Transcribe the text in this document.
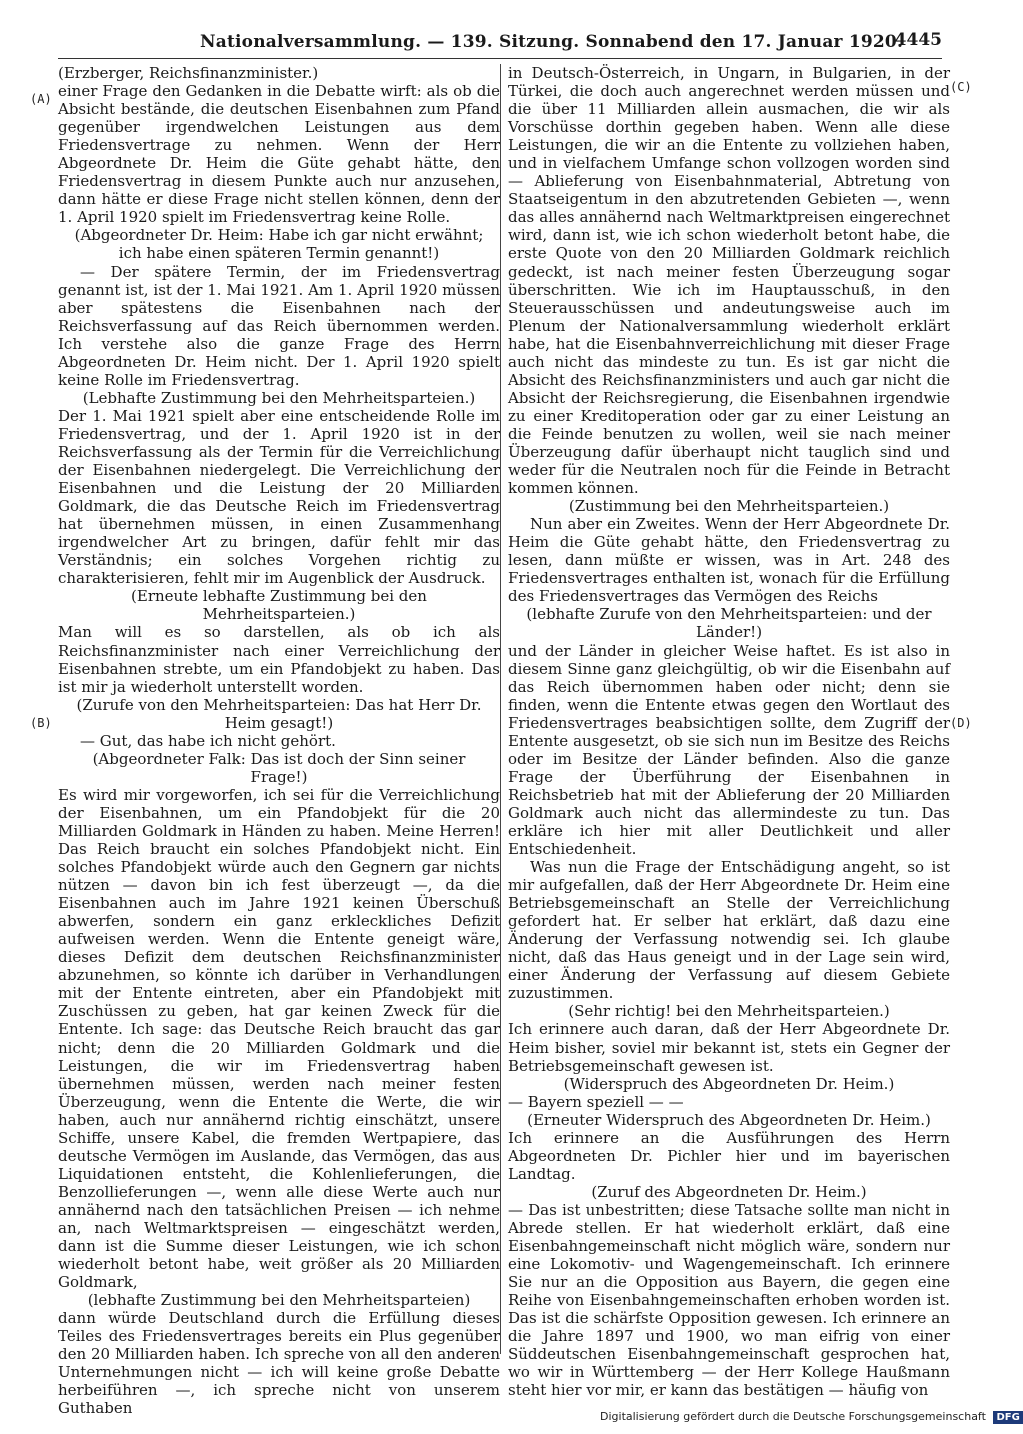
Nationalversammlung. — 139. Sitzung. Sonnabend den 17. Januar 1920.
4445
(A)
(B)
(C)
(D)

(Erzberger, Reichsfinanzminister.)

einer Frage den Gedanken in die Debatte wirft: als ob die Absicht bestände, die deutschen Eisenbahnen zum Pfand gegenüber irgendwelchen Leistungen aus dem Friedensvertrage zu nehmen. Wenn der Herr Abgeordnete Dr. Heim die Güte gehabt hätte, den Friedensvertrag in diesem Punkte auch nur anzusehen, dann hätte er diese Frage nicht stellen können, denn der 1. April 1920 spielt im Friedensvertrag keine Rolle.

(Abgeordneter Dr. Heim: Habe ich gar nicht erwähnt; ich habe einen späteren Termin genannt!)

— Der spätere Termin, der im Friedensvertrag genannt ist, ist der 1. Mai 1921. Am 1. April 1920 müssen aber spätestens die Eisenbahnen nach der Reichsverfassung auf das Reich übernommen werden. Ich verstehe also die ganze Frage des Herrn Abgeordneten Dr. Heim nicht. Der 1. April 1920 spielt keine Rolle im Friedensvertrag.

(Lebhafte Zustimmung bei den Mehrheitsparteien.)

Der 1. Mai 1921 spielt aber eine entscheidende Rolle im Friedensvertrag, und der 1. April 1920 ist in der Reichsverfassung als der Termin für die Verreichlichung der Eisenbahnen niedergelegt. Die Verreichlichung der Eisenbahnen und die Leistung der 20 Milliarden Goldmark, die das Deutsche Reich im Friedensvertrag hat übernehmen müssen, in einen Zusammenhang irgendwelcher Art zu bringen, dafür fehlt mir das Verständnis; ein solches Vorgehen richtig zu charakterisieren, fehlt mir im Augenblick der Ausdruck.

(Erneute lebhafte Zustimmung bei den Mehrheitsparteien.)

Man will es so darstellen, als ob ich als Reichsfinanzminister nach einer Verreichlichung der Eisenbahnen strebte, um ein Pfandobjekt zu haben. Das ist mir ja wiederholt unterstellt worden.

(Zurufe von den Mehrheitsparteien: Das hat Herr Dr. Heim gesagt!)

— Gut, das habe ich nicht gehört.

(Abgeordneter Falk: Das ist doch der Sinn seiner Frage!)

Es wird mir vorgeworfen, ich sei für die Verreichlichung der Eisenbahnen, um ein Pfandobjekt für die 20 Milliarden Goldmark in Händen zu haben. Meine Herren! Das Reich braucht ein solches Pfandobjekt nicht. Ein solches Pfandobjekt würde auch den Gegnern gar nichts nützen — davon bin ich fest überzeugt —, da die Eisenbahnen auch im Jahre 1921 keinen Überschuß abwerfen, sondern ein ganz erkleckliches Defizit aufweisen werden. Wenn die Entente geneigt wäre, dieses Defizit dem deutschen Reichsfinanzminister abzunehmen, so könnte ich darüber in Verhandlungen mit der Entente eintreten, aber ein Pfandobjekt mit Zuschüssen zu geben, hat gar keinen Zweck für die Entente. Ich sage: das Deutsche Reich braucht das gar nicht; denn die 20 Milliarden Goldmark und die Leistungen, die wir im Friedensvertrag haben übernehmen müssen, werden nach meiner festen Überzeugung, wenn die Entente die Werte, die wir haben, auch nur annähernd richtig einschätzt, unsere Schiffe, unsere Kabel, die fremden Wertpapiere, das deutsche Vermögen im Auslande, das Vermögen, das aus Liquidationen entsteht, die Kohlenlieferungen, die Benzollieferungen —, wenn alle diese Werte auch nur annähernd nach den tatsächlichen Preisen — ich nehme an, nach Weltmarktspreisen — eingeschätzt werden, dann ist die Summe dieser Leistungen, wie ich schon wiederholt betont habe, weit größer als 20 Milliarden Goldmark,

(lebhafte Zustimmung bei den Mehrheitsparteien)

dann würde Deutschland durch die Erfüllung dieses Teiles des Friedensvertrages bereits ein Plus gegenüber den 20 Milliarden haben. Ich spreche von all den anderen Unternehmungen nicht — ich will keine große Debatte herbeiführen —, ich spreche nicht von unserem Guthaben

in Deutsch-Österreich, in Ungarn, in Bulgarien, in der Türkei, die doch auch angerechnet werden müssen und die über 11 Milliarden allein ausmachen, die wir als Vorschüsse dorthin gegeben haben. Wenn alle diese Leistungen, die wir an die Entente zu vollziehen haben, und in vielfachem Umfange schon vollzogen worden sind — Ablieferung von Eisenbahnmaterial, Abtretung von Staatseigentum in den abzutretenden Gebieten —, wenn das alles annähernd nach Weltmarktpreisen eingerechnet wird, dann ist, wie ich schon wiederholt betont habe, die erste Quote von den 20 Milliarden Goldmark reichlich gedeckt, ist nach meiner festen Überzeugung sogar überschritten. Wie ich im Hauptausschuß, in den Steuerausschüssen und andeutungsweise auch im Plenum der Nationalversammlung wiederholt erklärt habe, hat die Eisenbahnverreichlichung mit dieser Frage auch nicht das mindeste zu tun. Es ist gar nicht die Absicht des Reichsfinanzministers und auch gar nicht die Absicht der Reichsregierung, die Eisenbahnen irgendwie zu einer Kreditoperation oder gar zu einer Leistung an die Feinde benutzen zu wollen, weil sie nach meiner Überzeugung dafür überhaupt nicht tauglich sind und weder für die Neutralen noch für die Feinde in Betracht kommen können.

(Zustimmung bei den Mehrheitsparteien.)

Nun aber ein Zweites. Wenn der Herr Abgeordnete Dr. Heim die Güte gehabt hätte, den Friedensvertrag zu lesen, dann müßte er wissen, was in Art. 248 des Friedensvertrages enthalten ist, wonach für die Erfüllung des Friedensvertrages das Vermögen des Reichs

(lebhafte Zurufe von den Mehrheitsparteien: und der Länder!)

und der Länder in gleicher Weise haftet. Es ist also in diesem Sinne ganz gleichgültig, ob wir die Eisenbahn auf das Reich übernommen haben oder nicht; denn sie finden, wenn die Entente etwas gegen den Wortlaut des Friedensvertrages beabsichtigen sollte, dem Zugriff der Entente ausgesetzt, ob sie sich nun im Besitze des Reichs oder im Besitze der Länder befinden. Also die ganze Frage der Überführung der Eisenbahnen in Reichsbetrieb hat mit der Ablieferung der 20 Milliarden Goldmark auch nicht das allermindeste zu tun. Das erkläre ich hier mit aller Deutlichkeit und aller Entschiedenheit.

Was nun die Frage der Entschädigung angeht, so ist mir aufgefallen, daß der Herr Abgeordnete Dr. Heim eine Betriebsgemeinschaft an Stelle der Verreichlichung gefordert hat. Er selber hat erklärt, daß dazu eine Änderung der Verfassung notwendig sei. Ich glaube nicht, daß das Haus geneigt und in der Lage sein wird, einer Änderung der Verfassung auf diesem Gebiete zuzustimmen.

(Sehr richtig! bei den Mehrheitsparteien.)

Ich erinnere auch daran, daß der Herr Abgeordnete Dr. Heim bisher, soviel mir bekannt ist, stets ein Gegner der Betriebsgemeinschaft gewesen ist.

(Widerspruch des Abgeordneten Dr. Heim.)

— Bayern speziell — —

(Erneuter Widerspruch des Abgeordneten Dr. Heim.)

Ich erinnere an die Ausführungen des Herrn Abgeordneten Dr. Pichler hier und im bayerischen Landtag.

(Zuruf des Abgeordneten Dr. Heim.)

— Das ist unbestritten; diese Tatsache sollte man nicht in Abrede stellen. Er hat wiederholt erklärt, daß eine Eisenbahngemeinschaft nicht möglich wäre, sondern nur eine Lokomotiv- und Wagengemeinschaft. Ich erinnere Sie nur an die Opposition aus Bayern, die gegen eine Reihe von Eisenbahngemeinschaften erhoben worden ist. Das ist die schärfste Opposition gewesen. Ich erinnere an die Jahre 1897 und 1900, wo man eifrig von einer Süddeutschen Eisenbahngemeinschaft gesprochen hat, wo wir in Württemberg — der Herr Kollege Haußmann steht hier vor mir, er kann das bestätigen — häufig von

Digitalisierung gefördert durch die Deutsche Forschungsgemeinschaft DFG
